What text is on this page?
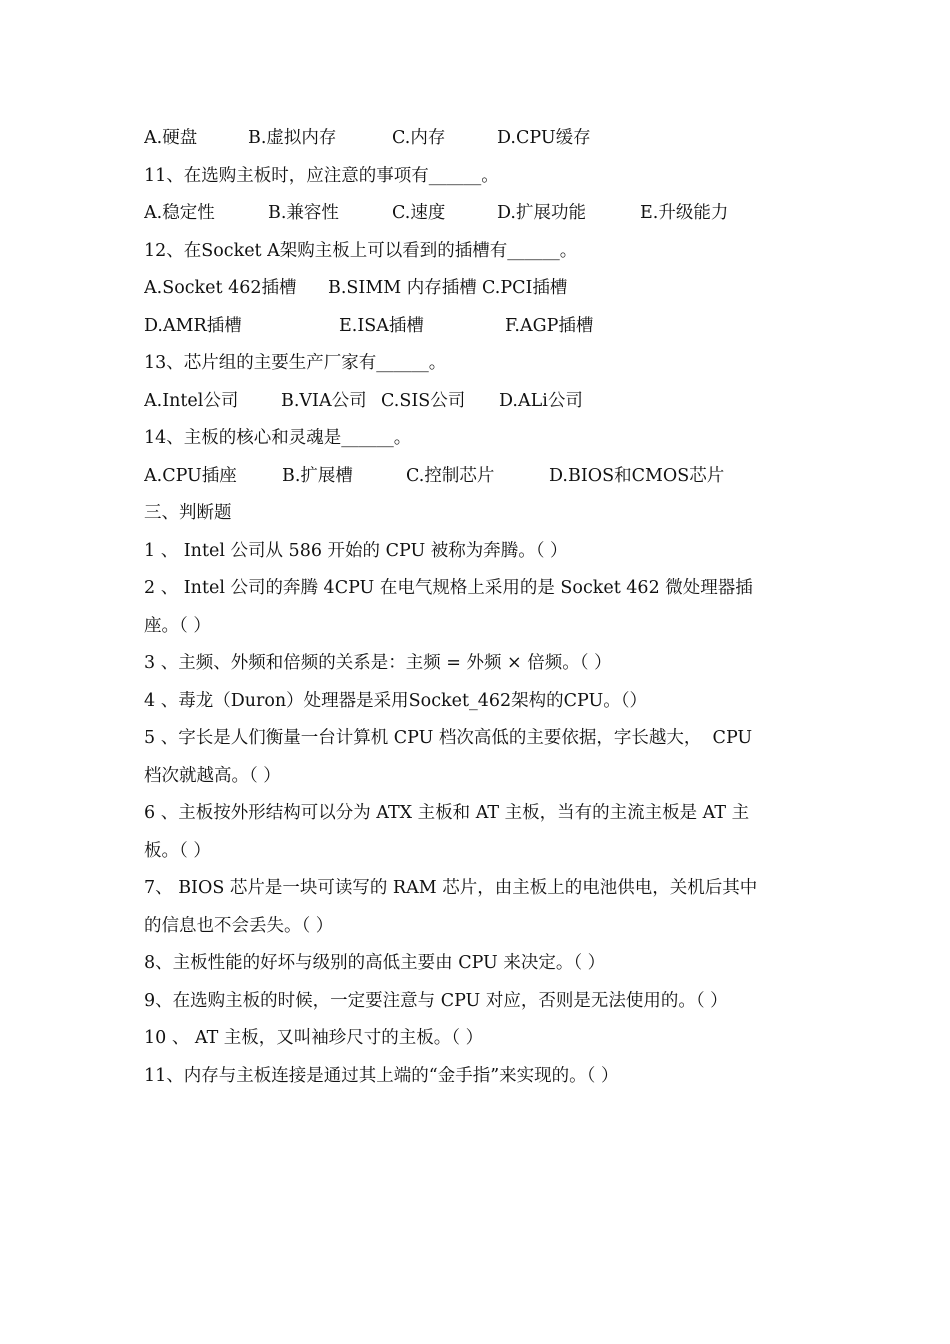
A.硬盘

	B.虚拟内存

	C.内存

	D.CPU缓存

11、在选购主板时，应注意的事项有______。

A.稳定性

	B.兼容性

	C.速度

	D.扩展功能

	E.升级能力

12、在Socket A架购主板上可以看到的插槽有______。

A.Socket 462插槽

B.SIMM 内存插槽

C.PCI插槽

D.AMR插槽

	E.ISA插槽

	F.AGP插槽

13、芯片组的主要生产厂家有______。

A.Intel公司

B.VIA公司

C.SIS公司

D.ALi公司

14、主板的核心和灵魂是______。

A.CPU插座

	B.扩展槽

	C.控制芯片

	D.BIOS和CMOS芯片

三、判断题
1 、 Intel 公司从 586 开始的 CPU 被称为奔腾。（ ）
2 、 Intel 公司的奔腾 4CPU 在电气规格上采用的是 Socket 462 微处理器插
座。（ ）
3 、主频、外频和倍频的关系是：主频 = 外频 × 倍频。（ ）
4 、毒龙（Duron）处理器是采用Socket_462架构的CPU。（）
5 、字长是人们衡量一台计算机 CPU 档次高低的主要依据，字长越大，  CPU
档次就越高。（ ）
6 、主板按外形结构可以分为 ATX 主板和 AT 主板，当有的主流主板是 AT 主
板。（ ）
7、 BIOS 芯片是一块可读写的 RAM 芯片，由主板上的电池供电，关机后其中
的信息也不会丢失。（ ）
8、主板性能的好坏与级别的高低主要由 CPU 来决定。（ ）
9、在选购主板的时候，一定要注意与 CPU 对应，否则是无法使用的。（ ）
10 、 AT 主板，又叫袖珍尺寸的主板。（ ）
11、内存与主板连接是通过其上端的“金手指”来实现的。（ ）
